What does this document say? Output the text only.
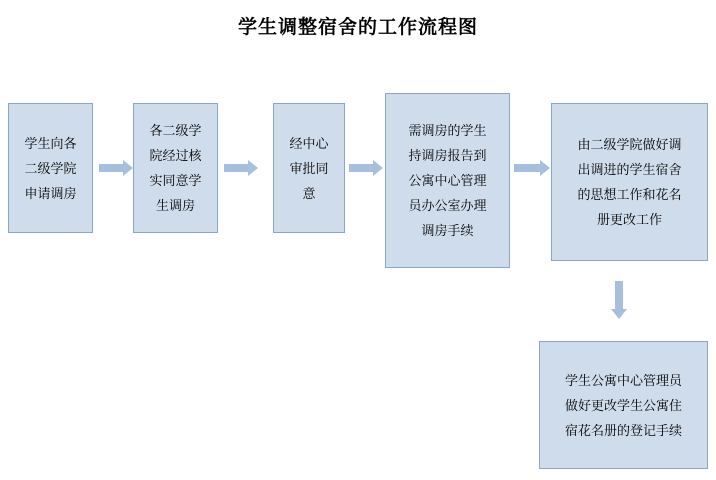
学生调整宿舍的工作流程图
学生向各
二级学院
申请调房
各二级学
院经过核
实同意学
生调房
经中心
审批同
意
需调房的学生
持调房报告到
公寓中心管理
员办公室办理
调房手续
由二级学院做好调
出调进的学生宿舍
的思想工作和花名
册更改工作
学生公寓中心管理员
做好更改学生公寓住
宿花名册的登记手续
